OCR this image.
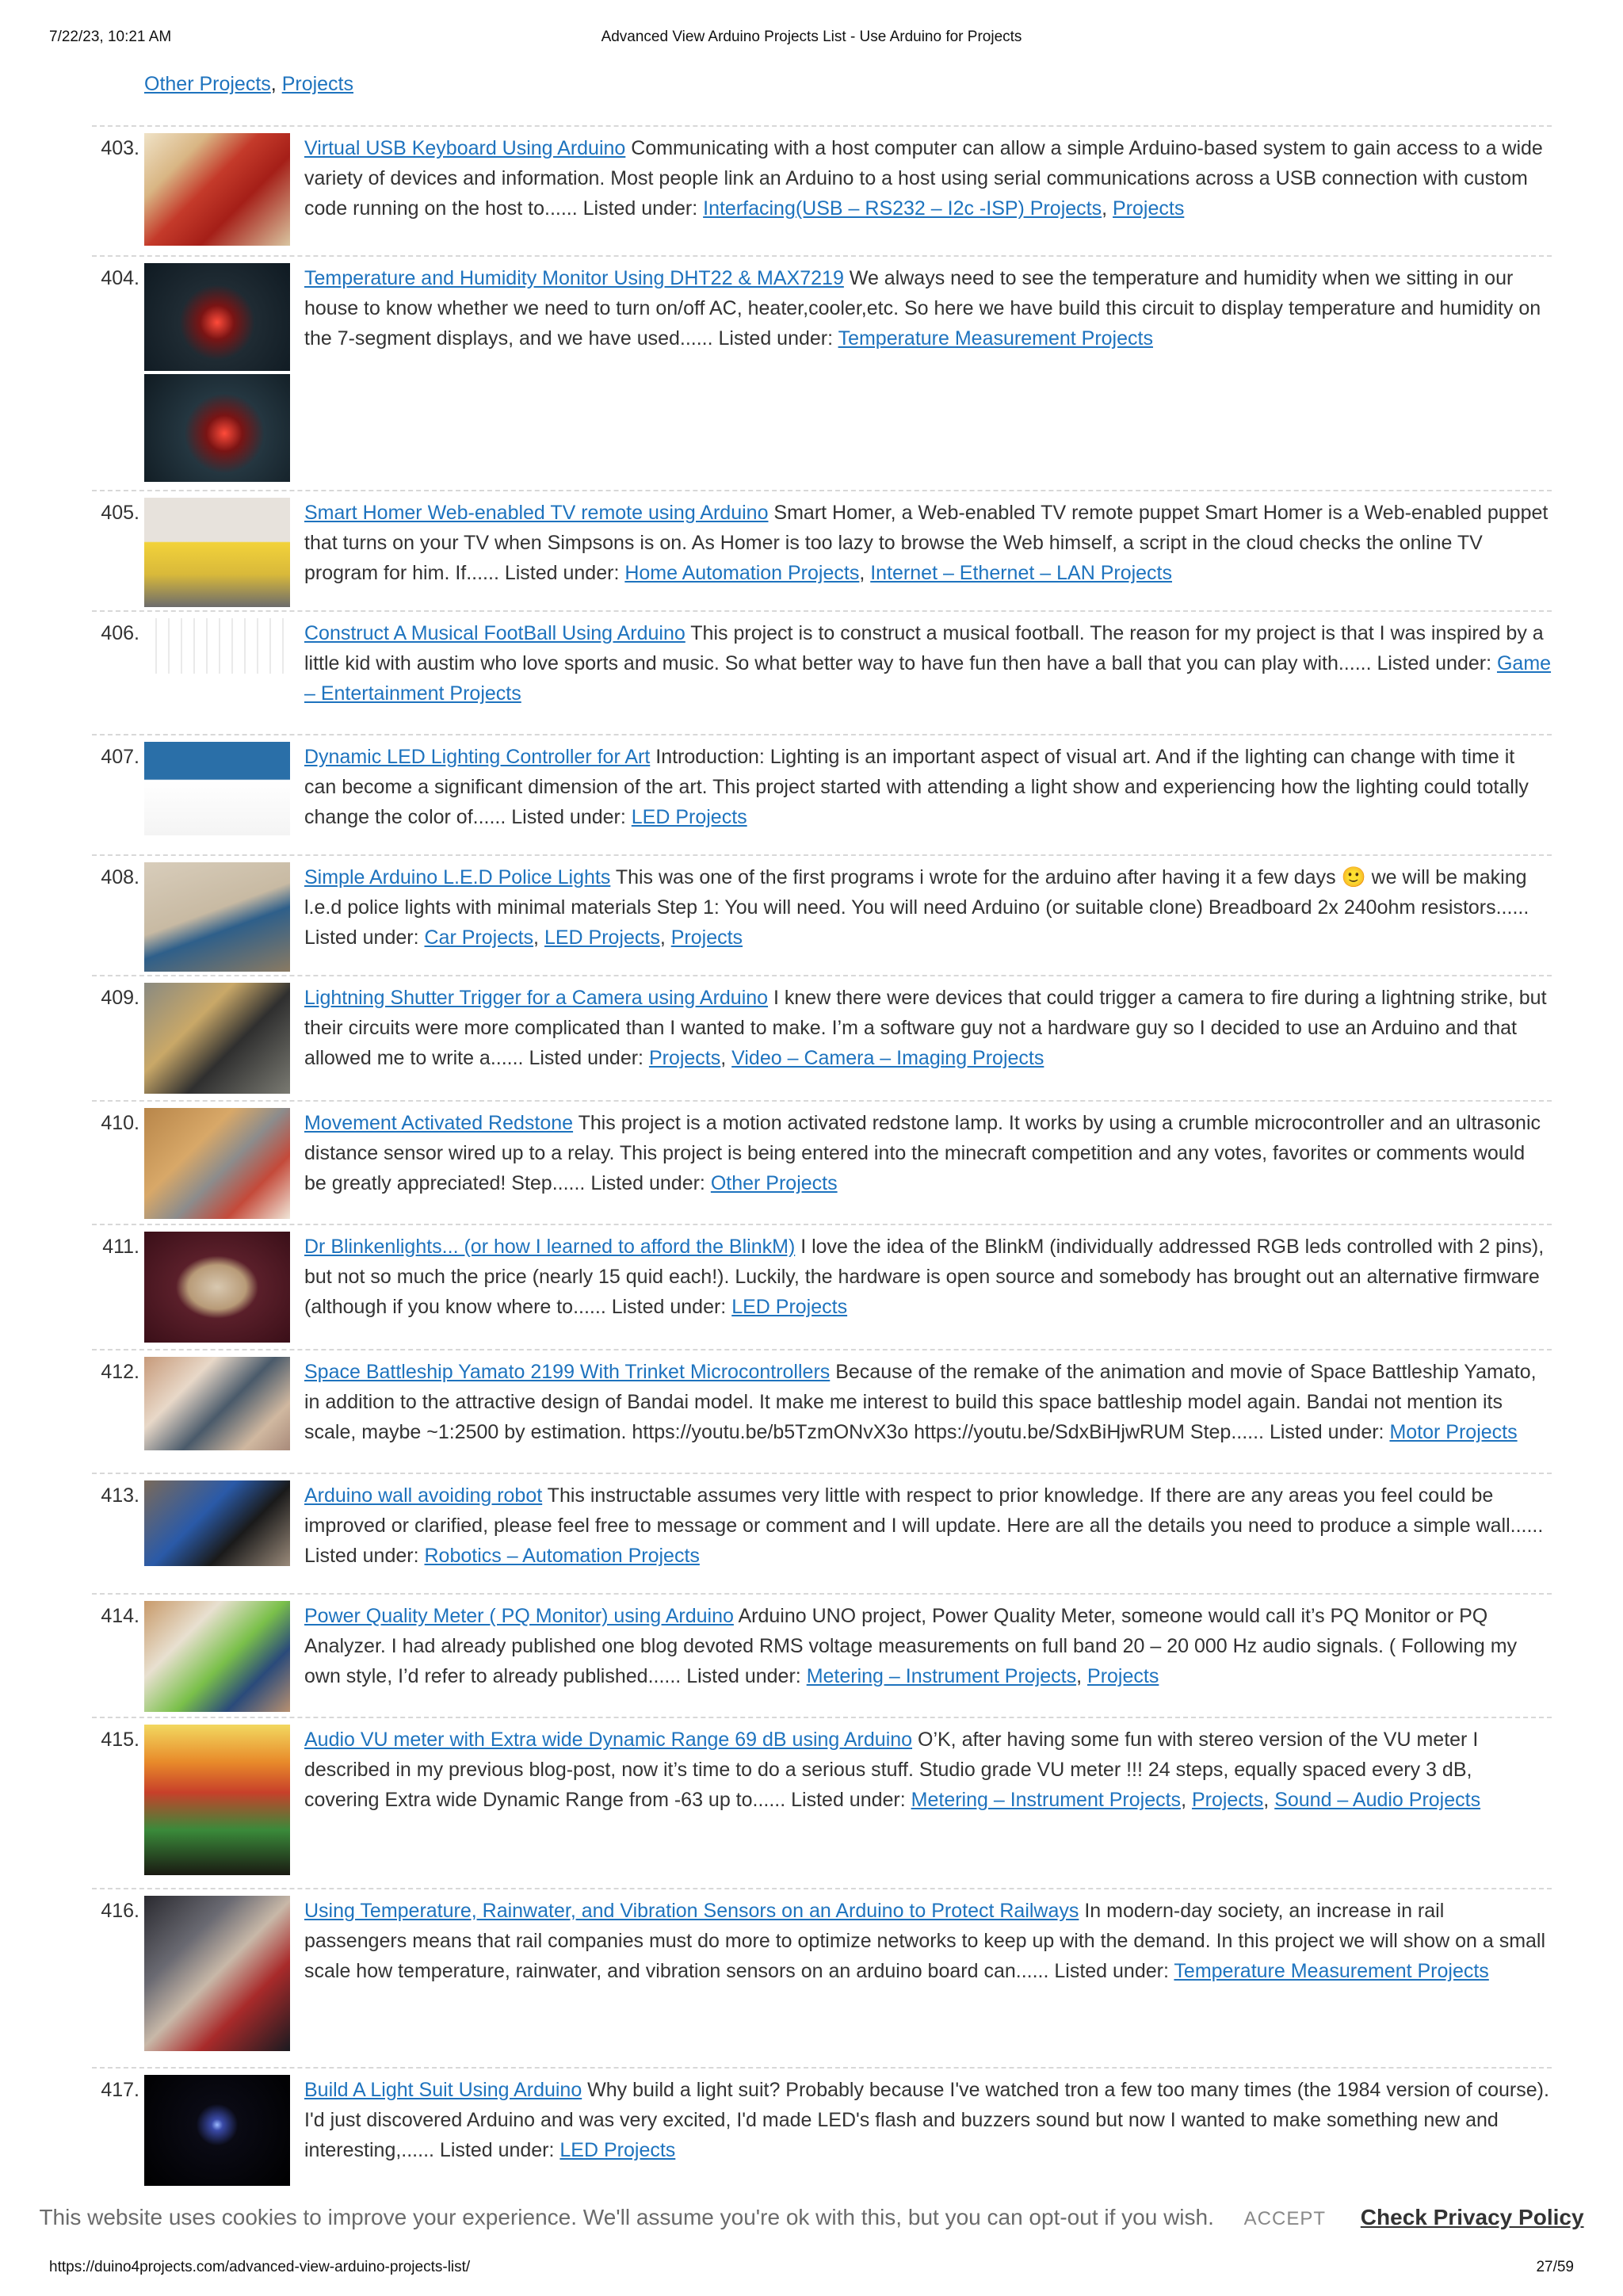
7/22/23, 10:21 AM	Advanced View Arduino Projects List - Use Arduino for Projects
Other Projects, Projects
403.	Virtual USB Keyboard Using Arduino Communicating with a host computer can allow a simple Arduino-based system to gain access to a wide variety of devices and information. Most people link an Arduino to a host using serial communications across a USB connection with custom code running on the host to...... Listed under: Interfacing(USB – RS232 – I2c -ISP) Projects, Projects
404.	Temperature and Humidity Monitor Using DHT22 & MAX7219 We always need to see the temperature and humidity when we sitting in our house to know whether we need to turn on/off AC, heater,cooler,etc. So here we have build this circuit to display temperature and humidity on the 7-segment displays, and we have used...... Listed under: Temperature Measurement Projects
405.	Smart Homer Web-enabled TV remote using Arduino Smart Homer, a Web-enabled TV remote puppet Smart Homer is a Web-enabled puppet that turns on your TV when Simpsons is on. As Homer is too lazy to browse the Web himself, a script in the cloud checks the online TV program for him. If...... Listed under: Home Automation Projects, Internet – Ethernet – LAN Projects
406.	Construct A Musical FootBall Using Arduino This project is to construct a musical football. The reason for my project is that I was inspired by a little kid with austim who love sports and music. So what better way to have fun then have a ball that you can play with...... Listed under: Game – Entertainment Projects
407.	Dynamic LED Lighting Controller for Art Introduction: Lighting is an important aspect of visual art. And if the lighting can change with time it can become a significant dimension of the art. This project started with attending a light show and experiencing how the lighting could totally change the color of...... Listed under: LED Projects
408.	Simple Arduino L.E.D Police Lights This was one of the first programs i wrote for the arduino after having it a few days 🙂 we will be making l.e.d police lights with minimal materials Step 1: You will need. You will need Arduino (or suitable clone) Breadboard 2x 240ohm resistors...... Listed under: Car Projects, LED Projects, Projects
409.	Lightning Shutter Trigger for a Camera using Arduino I knew there were devices that could trigger a camera to fire during a lightning strike, but their circuits were more complicated than I wanted to make. I’m a software guy not a hardware guy so I decided to use an Arduino and that allowed me to write a...... Listed under: Projects, Video – Camera – Imaging Projects
410.	Movement Activated Redstone This project is a motion activated redstone lamp. It works by using a crumble microcontroller and an ultrasonic distance sensor wired up to a relay. This project is being entered into the minecraft competition and any votes, favorites or comments would be greatly appreciated! Step...... Listed under: Other Projects
411.	Dr Blinkenlights... (or how I learned to afford the BlinkM) I love the idea of the BlinkM (individually addressed RGB leds controlled with 2 pins), but not so much the price (nearly 15 quid each!). Luckily, the hardware is open source and somebody has brought out an alternative firmware (although if you know where to...... Listed under: LED Projects
412.	Space Battleship Yamato 2199 With Trinket Microcontrollers Because of the remake of the animation and movie of Space Battleship Yamato, in addition to the attractive design of Bandai model. It make me interest to build this space battleship model again. Bandai not mention its scale, maybe ~1:2500 by estimation. https://youtu.be/b5TzmONvX3o https://youtu.be/SdxBiHjwRUM Step...... Listed under: Motor Projects
413.	Arduino wall avoiding robot This instructable assumes very little with respect to prior knowledge. If there are any areas you feel could be improved or clarified, please feel free to message or comment and I will update. Here are all the details you need to produce a simple wall...... Listed under: Robotics – Automation Projects
414.	Power Quality Meter ( PQ Monitor) using Arduino Arduino UNO project, Power Quality Meter, someone would call it’s PQ Monitor or PQ Analyzer. I had already published one blog devoted RMS voltage measurements on full band 20 – 20 000 Hz audio signals. ( Following my own style, I’d refer to already published...... Listed under: Metering – Instrument Projects, Projects
415.	Audio VU meter with Extra wide Dynamic Range 69 dB using Arduino O’K, after having some fun with stereo version of the VU meter I described in my previous blog-post, now it’s time to do a serious stuff. Studio grade VU meter !!! 24 steps, equally spaced every 3 dB, covering Extra wide Dynamic Range from -63 up to...... Listed under: Metering – Instrument Projects, Projects, Sound – Audio Projects
416.	Using Temperature, Rainwater, and Vibration Sensors on an Arduino to Protect Railways In modern-day society, an increase in rail passengers means that rail companies must do more to optimize networks to keep up with the demand. In this project we will show on a small scale how temperature, rainwater, and vibration sensors on an arduino board can...... Listed under: Temperature Measurement Projects
417.	Build A Light Suit Using Arduino Why build a light suit? Probably because I've watched tron a few too many times (the 1984 version of course). I'd just discovered Arduino and was very excited, I'd made LED's flash and buzzers sound but now I wanted to make something new and interesting,...... Listed under: LED Projects
This website uses cookies to improve your experience. We'll assume you're ok with this, but you can opt-out if you wish. ACCEPT Check Privacy Policy
https://duino4projects.com/advanced-view-arduino-projects-list/	27/59
